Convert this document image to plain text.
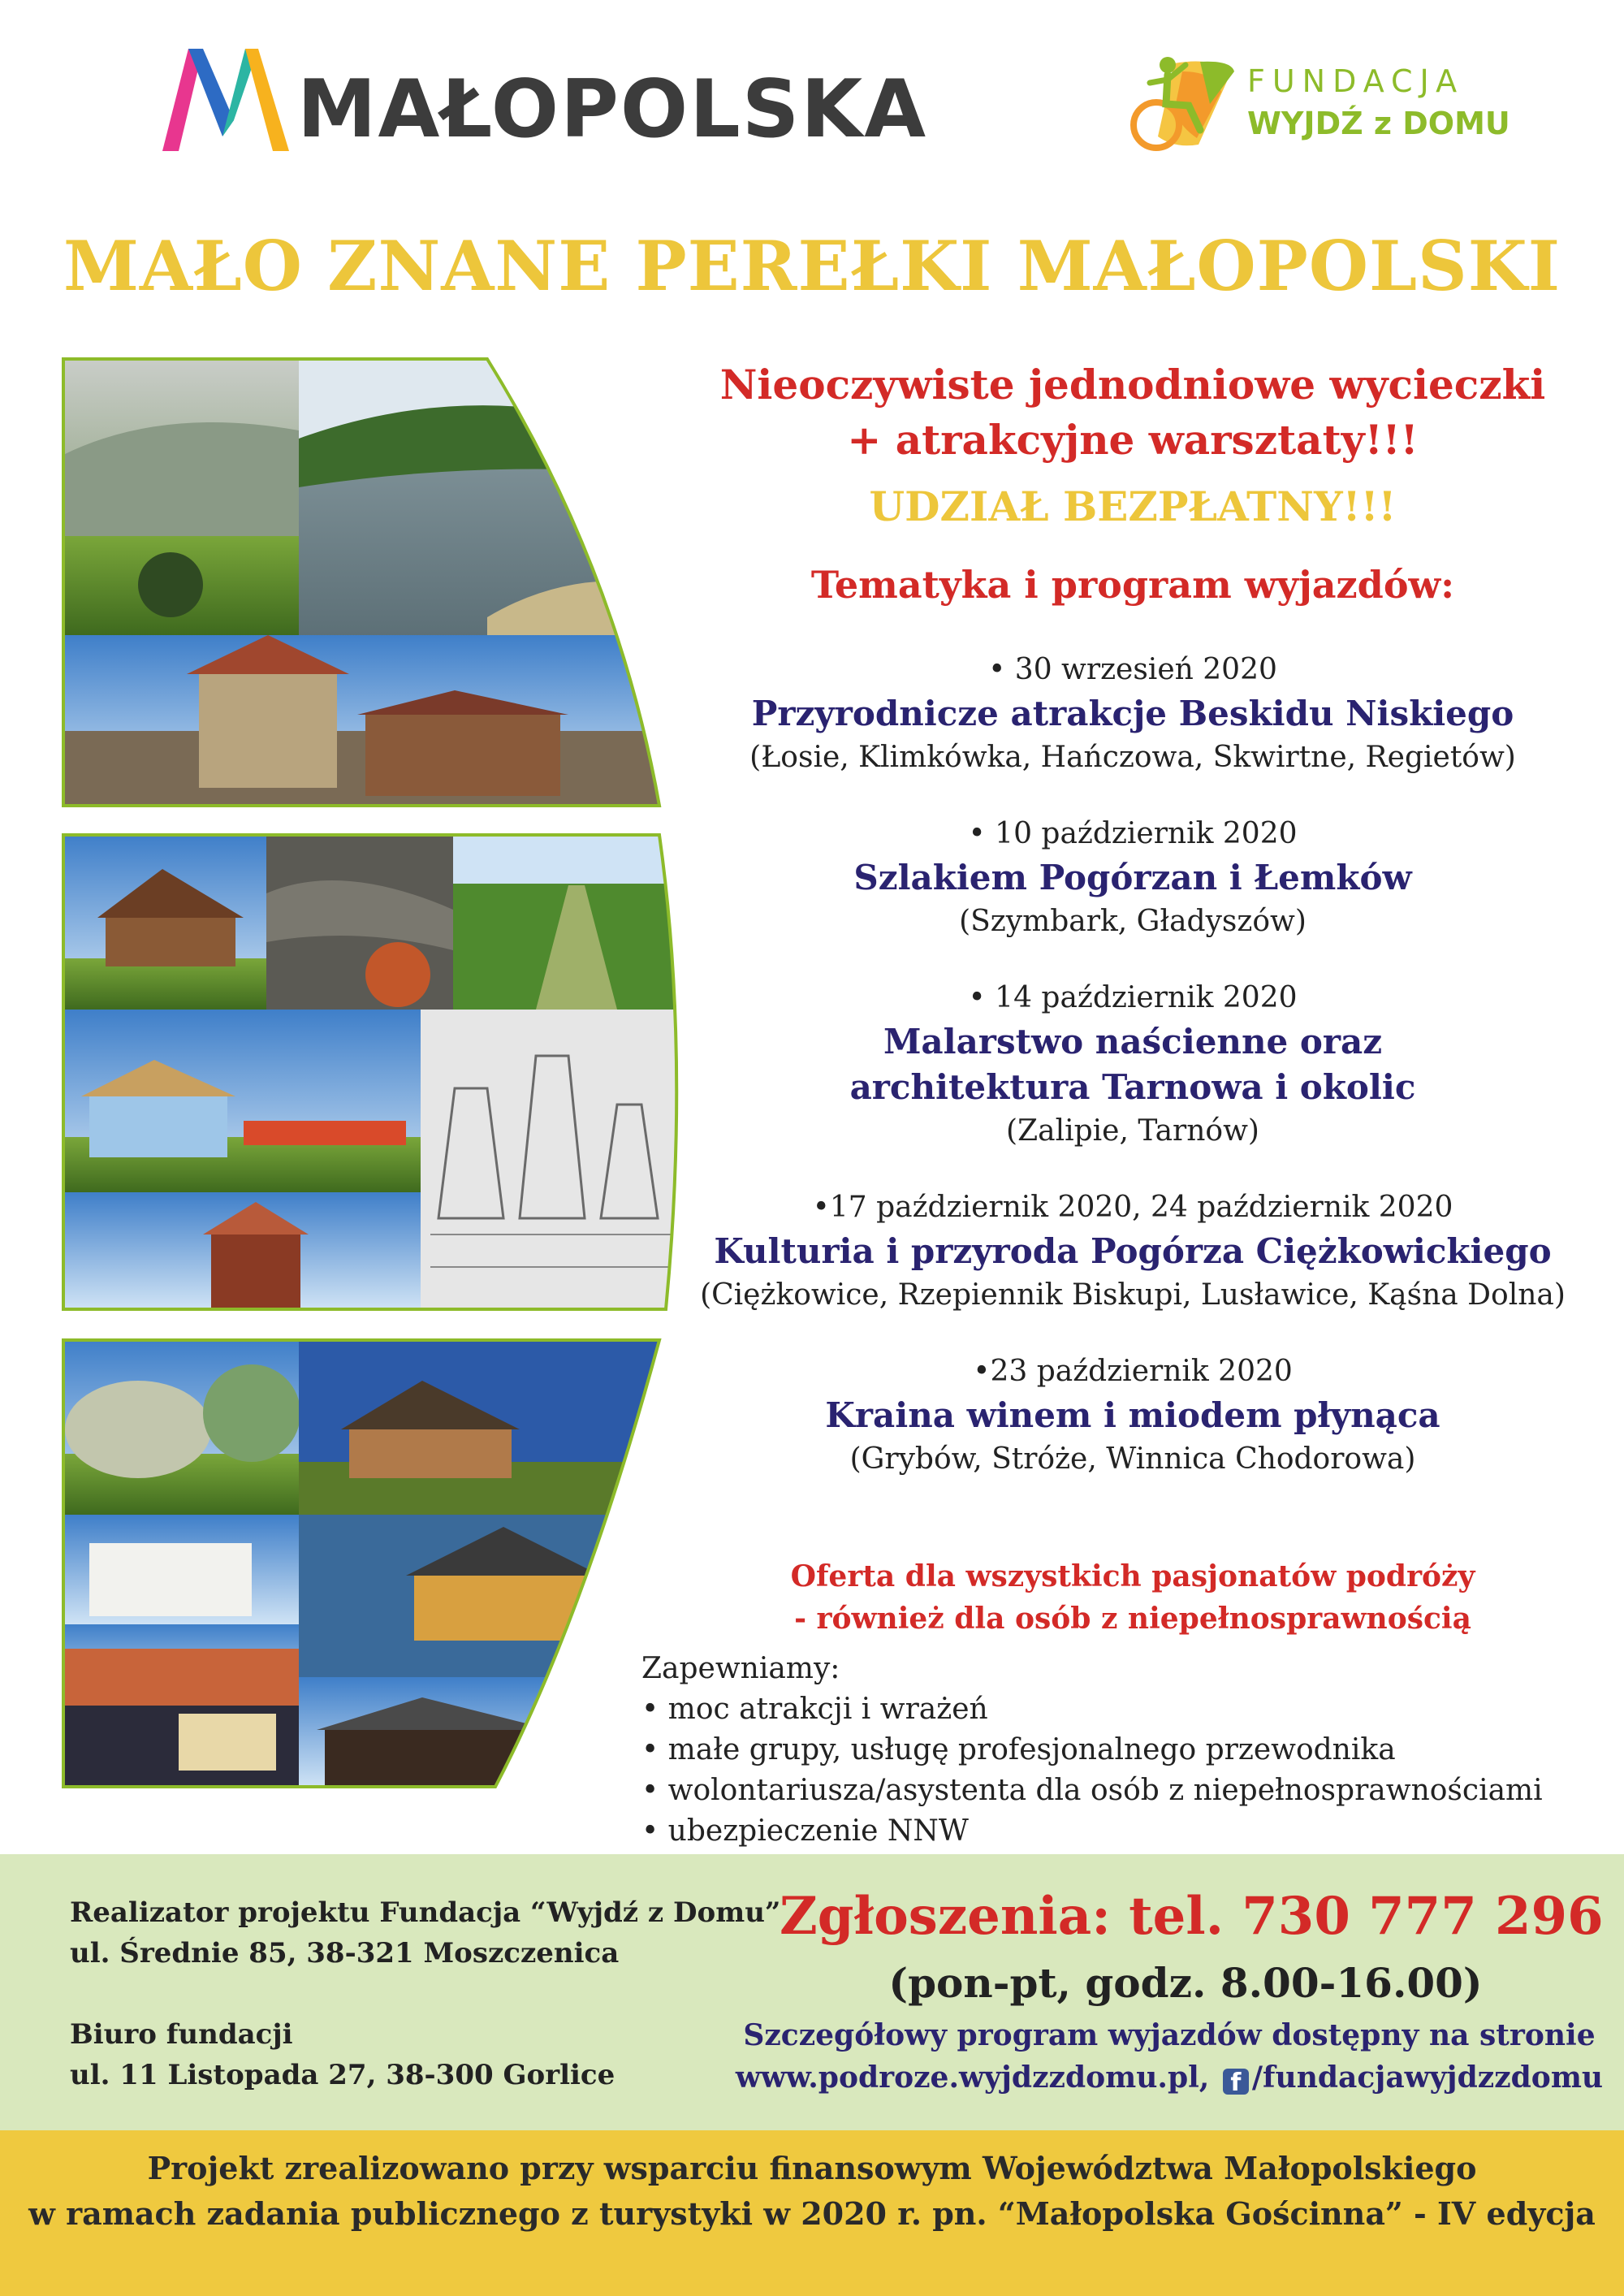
MAŁOPOLSKA	FUNDACJA
WYJDŹ z DOMU
MAŁO ZNANE PEREŁKI MAŁOPOLSKI
Nieoczywiste jednodniowe wycieczki
+ atrakcyjne warsztaty!!!
UDZIAŁ BEZPŁATNY!!!
Tematyka i program wyjazdów:
• 30 wrzesień 2020
Przyrodnicze atrakcje Beskidu Niskiego
(Łosie, Klimkówka, Hańczowa, Skwirtne, Regietów)
• 10 październik 2020
Szlakiem Pogórzan i Łemków
(Szymbark, Gładyszów)
• 14 październik 2020
Malarstwo naścienne oraz
architektura Tarnowa i okolic
(Zalipie, Tarnów)
•17 październik 2020, 24 październik 2020
Kulturia i przyroda Pogórza Ciężkowickiego
(Ciężkowice, Rzepiennik Biskupi, Lusławice, Kąśna Dolna)
•23 październik 2020
Kraina winem i miodem płynąca
(Grybów, Stróże, Winnica Chodorowa)
Oferta dla wszystkich pasjonatów podróży
- również dla osób z niepełnosprawnością
Zapewniamy:
• moc atrakcji i wrażeń
• małe grupy, usługę profesjonalnego przewodnika
• wolontariusza/asystenta dla osób z niepełnosprawnościami
• ubezpieczenie NNW
Realizator projektu Fundacja “Wyjdź z Domu”
ul. Średnie 85, 38-321 Moszczenica
Biuro fundacji
ul. 11 Listopada 27, 38-300 Gorlice
Zgłoszenia: tel. 730 777 296
(pon-pt, godz. 8.00-16.00)
Szczegółowy program wyjazdów dostępny na stronie
www.podroze.wyjdzzdomu.pl, f /fundacjawyjdzzdomu
Projekt zrealizowano przy wsparciu finansowym Województwa Małopolskiego
w ramach zadania publicznego z turystyki w 2020 r. pn. “Małopolska Gościnna” - IV edycja
